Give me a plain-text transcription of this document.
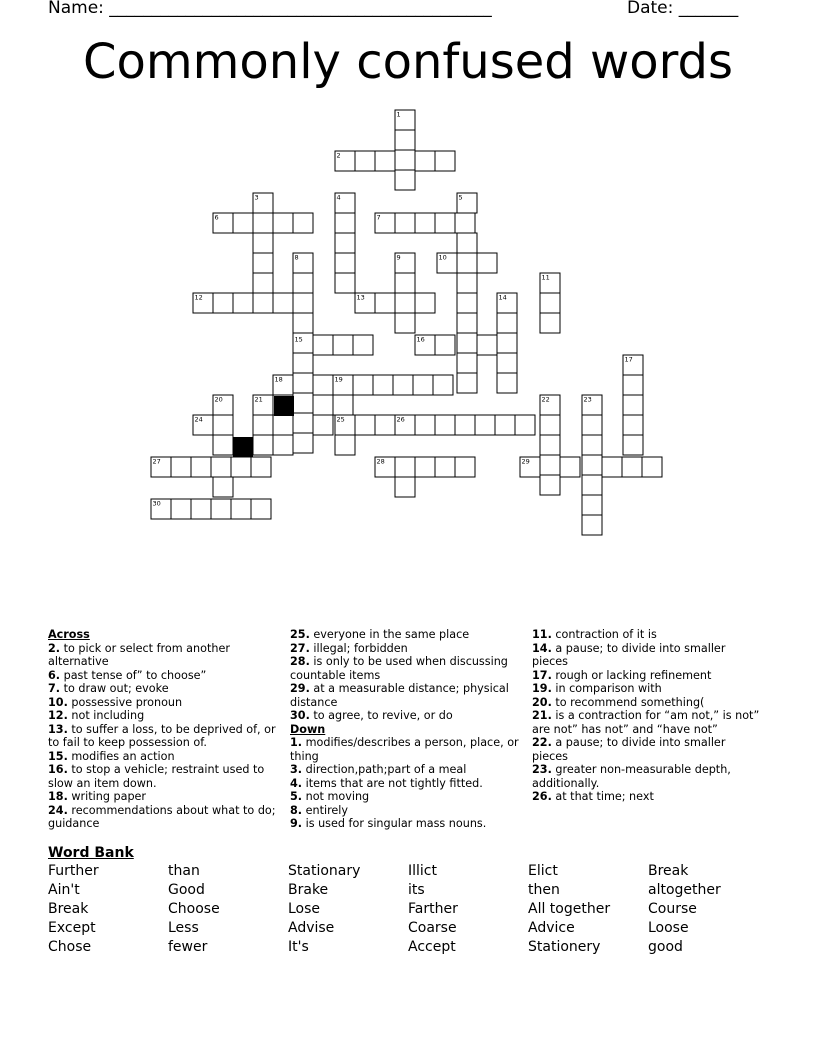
Name: _____________________________________________	Date: _______
Commonly confused words
1
2
3	4	5
6	7
8	9	10
11
12	13	14
15	16
17
18	19
20	21	22	23
24	25	26
27	28	29
30
Across
2. to pick or select from another alternative
6. past tense of” to choose”
7. to draw out; evoke
10. possessive pronoun
12. not including
13. to suffer a loss, to be deprived of, or to fail to keep possession of.
15. modifies an action
16. to stop a vehicle; restraint used to slow an item down.
18. writing paper
24. recommendations about what to do; guidance
25. everyone in the same place
27. illegal; forbidden
28. is only to be used when discussing countable items
29. at a measurable distance; physical distance
30. to agree, to revive, or do
Down
1. modifies/describes a person, place, or thing
3. direction,path;part of a meal
4. items that are not tightly fitted.
5. not moving
8. entirely
9. is used for singular mass nouns.
11. contraction of it is
14. a pause; to divide into smaller pieces
17. rough or lacking refinement
19. in comparison with
20. to recommend something(
21. is a contraction for “am not,” is not” are not” has not” and “have not”
22. a pause; to divide into smaller pieces
23. greater non-measurable depth, additionally.
26. at that time; next
Word Bank
Further	than	Stationary	Illict	Elict	Break
Ain't	Good	Brake	its	then	altogether
Break	Choose	Lose	Farther	All together	Course
Except	Less	Advise	Coarse	Advice	Loose
Chose	fewer	It's	Accept	Stationery	good
